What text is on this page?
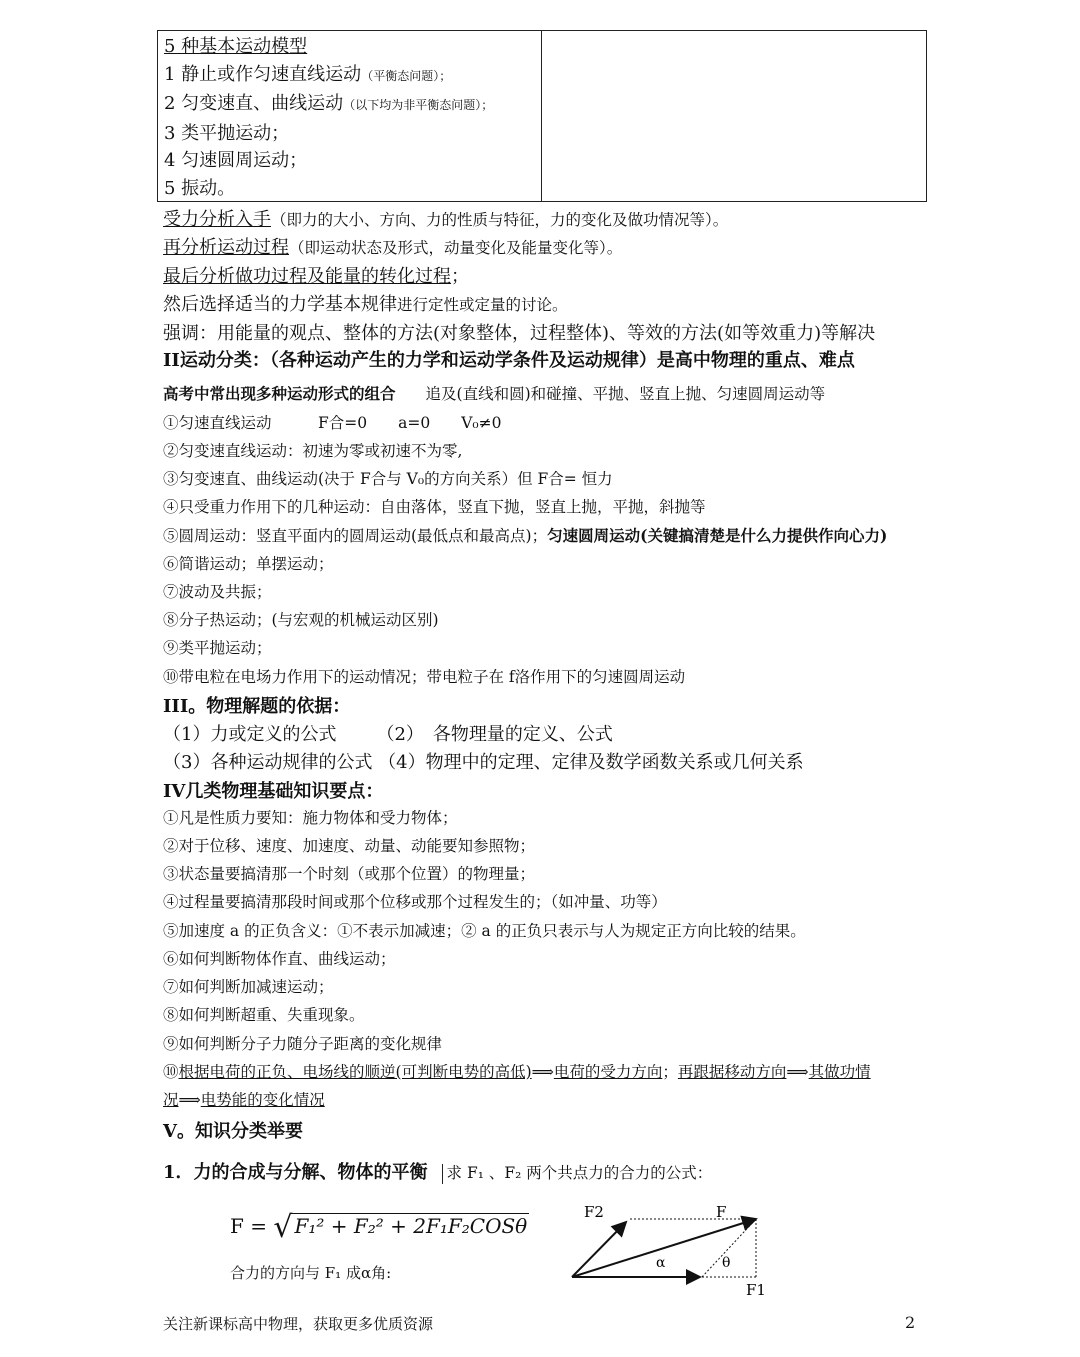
5 种基本运动模型
1 静止或作匀速直线运动（平衡态问题）；
2 匀变速直、曲线运动（以下均为非平衡态问题）；
3 类平抛运动；
4 匀速圆周运动；
5 振动。
受力分析入手（即力的大小、方向、力的性质与特征，力的变化及做功情况等）。
再分析运动过程（即运动状态及形式，动量变化及能量变化等）。
最后分析做功过程及能量的转化过程；
然后选择适当的力学基本规律进行定性或定量的讨论。
强调：用能量的观点、整体的方法(对象整体，过程整体)、等效的方法(如等效重力)等解决
II运动分类：（各种运动产生的力学和运动学条件及运动规律）是高中物理的重点、难点
高考中常出现多种运动形式的组合 追及(直线和圆)和碰撞、平抛、竖直上抛、匀速圆周运动等
①匀速直线运动　　　F合=0　　a=0　　V₀≠0
②匀变速直线运动：初速为零或初速不为零,
③匀变速直、曲线运动(决于 F合与 V₀的方向关系）但 F合= 恒力
④只受重力作用下的几种运动：自由落体，竖直下抛，竖直上抛，平抛，斜抛等
⑤圆周运动：竖直平面内的圆周运动(最低点和最高点)；匀速圆周运动(关键搞清楚是什么力提供作向心力)
⑥简谐运动；单摆运动；
⑦波动及共振；
⑧分子热运动；(与宏观的机械运动区别)
⑨类平抛运动；
⑩带电粒在电场力作用下的运动情况；带电粒子在 f洛作用下的匀速圆周运动
III。物理解题的依据：
（1）力或定义的公式 （2）　各物理量的定义、公式
（3）各种运动规律的公式 （4）物理中的定理、定律及数学函数关系或几何关系
IV几类物理基础知识要点：
①凡是性质力要知：施力物体和受力物体；
②对于位移、速度、加速度、动量、动能要知参照物；
③状态量要搞清那一个时刻（或那个位置）的物理量；
④过程量要搞清那段时间或那个位移或那个过程发生的；（如冲量、功等）
⑤加速度 a 的正负含义：①不表示加减速；② a 的正负只表示与人为规定正方向比较的结果。
⑥如何判断物体作直、曲线运动；
⑦如何判断加减速运动；
⑧如何判断超重、失重现象。
⑨如何判断分子力随分子距离的变化规律
⑩根据电荷的正负、电场线的顺逆(可判断电势的高低)⟹电荷的受力方向；再跟据移动方向⟹其做功情
况⟹电势能的变化情况
V。知识分类举要
1．力的合成与分解、物体的平衡 求 F₁ 、F₂ 两个共点力的合力的公式：
F = √ F₁² + F₂² + 2F₁F₂COSθ
合力的方向与 F₁ 成α角:
F2	F
F1
α	θ
关注新课标高中物理，获取更多优质资源	2
